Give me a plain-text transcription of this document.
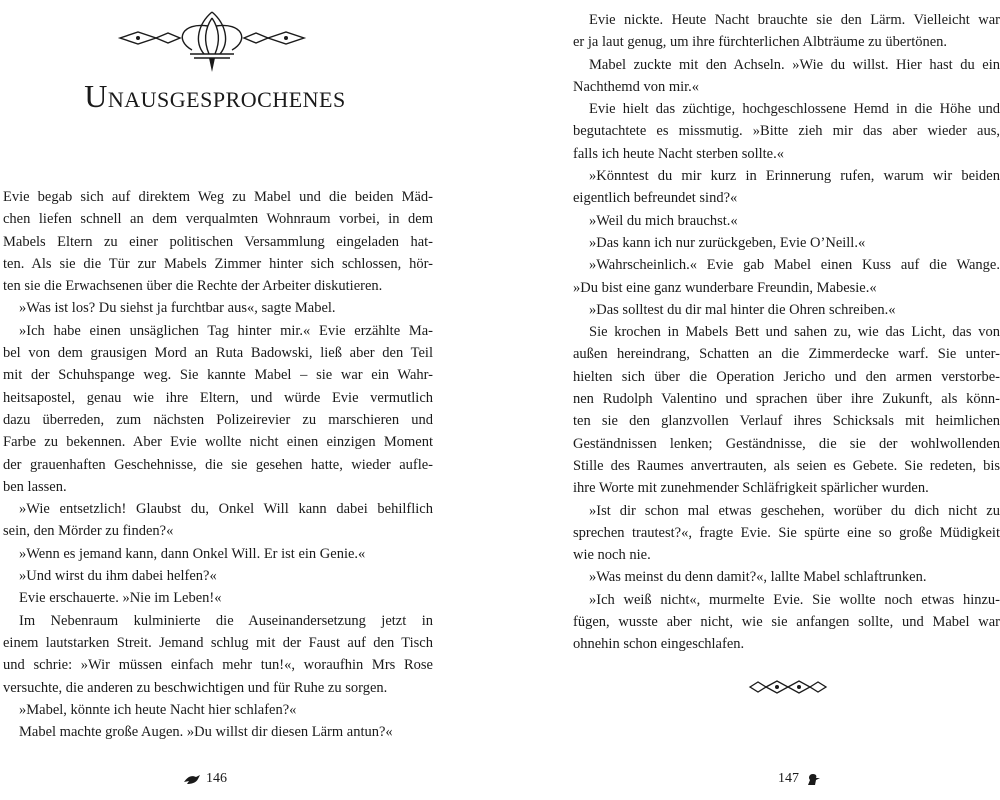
Unausgesprochenes
Evie begab sich auf direktem Weg zu Mabel und die beiden Mäd-
chen liefen schnell an dem verqualmten Wohnraum vorbei, in dem
Mabels Eltern zu einer politischen Versammlung eingeladen hat-
ten. Als sie die Tür zur Mabels Zimmer hinter sich schlossen, hör-
ten sie die Erwachsenen über die Rechte der Arbeiter diskutieren.
»Was ist los? Du siehst ja furchtbar aus«, sagte Mabel.
»Ich habe einen unsäglichen Tag hinter mir.« Evie erzählte Ma-
bel von dem grausigen Mord an Ruta Badowski, ließ aber den Teil
mit der Schuhspange weg. Sie kannte Mabel – sie war ein Wahr-
heitsapostel, genau wie ihre Eltern, und würde Evie vermutlich
dazu überreden, zum nächsten Polizeirevier zu marschieren und
Farbe zu bekennen. Aber Evie wollte nicht einen einzigen Moment
der grauenhaften Geschehnisse, die sie gesehen hatte, wieder aufle-
ben lassen.
»Wie entsetzlich! Glaubst du, Onkel Will kann dabei behilflich
sein, den Mörder zu finden?«
»Wenn es jemand kann, dann Onkel Will. Er ist ein Genie.«
»Und wirst du ihm dabei helfen?«
Evie erschauerte. »Nie im Leben!«
Im Nebenraum kulminierte die Auseinandersetzung jetzt in
einem lautstarken Streit. Jemand schlug mit der Faust auf den Tisch
und schrie: »Wir müssen einfach mehr tun!«, woraufhin Mrs Rose
versuchte, die anderen zu beschwichtigen und für Ruhe zu sorgen.
»Mabel, könnte ich heute Nacht hier schlafen?«
Mabel machte große Augen. »Du willst dir diesen Lärm antun?«
146
Evie nickte. Heute Nacht brauchte sie den Lärm. Vielleicht war
er ja laut genug, um ihre fürchterlichen Albträume zu übertönen.
Mabel zuckte mit den Achseln. »Wie du willst. Hier hast du ein
Nachthemd von mir.«
Evie hielt das züchtige, hochgeschlossene Hemd in die Höhe und
begutachtete es missmutig. »Bitte zieh mir das aber wieder aus,
falls ich heute Nacht sterben sollte.«
»Könntest du mir kurz in Erinnerung rufen, warum wir beiden
eigentlich befreundet sind?«
»Weil du mich brauchst.«
»Das kann ich nur zurückgeben, Evie O’Neill.«
»Wahrscheinlich.« Evie gab Mabel einen Kuss auf die Wange.
»Du bist eine ganz wunderbare Freundin, Mabesie.«
»Das solltest du dir mal hinter die Ohren schreiben.«
Sie krochen in Mabels Bett und sahen zu, wie das Licht, das von
außen hereindrang, Schatten an die Zimmerdecke warf. Sie unter-
hielten sich über die Operation Jericho und den armen verstorbe-
nen Rudolph Valentino und sprachen über ihre Zukunft, als könn-
ten sie den glanzvollen Verlauf ihres Schicksals mit heimlichen
Geständnissen lenken; Geständnisse, die sie der wohlwollenden
Stille des Raumes anvertrauten, als seien es Gebete. Sie redeten, bis
ihre Worte mit zunehmender Schläfrigkeit spärlicher wurden.
»Ist dir schon mal etwas geschehen, worüber du dich nicht zu
sprechen trautest?«, fragte Evie. Sie spürte eine so große Müdigkeit
wie noch nie.
»Was meinst du denn damit?«, lallte Mabel schlaftrunken.
»Ich weiß nicht«, murmelte Evie. Sie wollte noch etwas hinzu-
fügen, wusste aber nicht, wie sie anfangen sollte, und Mabel war
ohnehin schon eingeschlafen.
147
